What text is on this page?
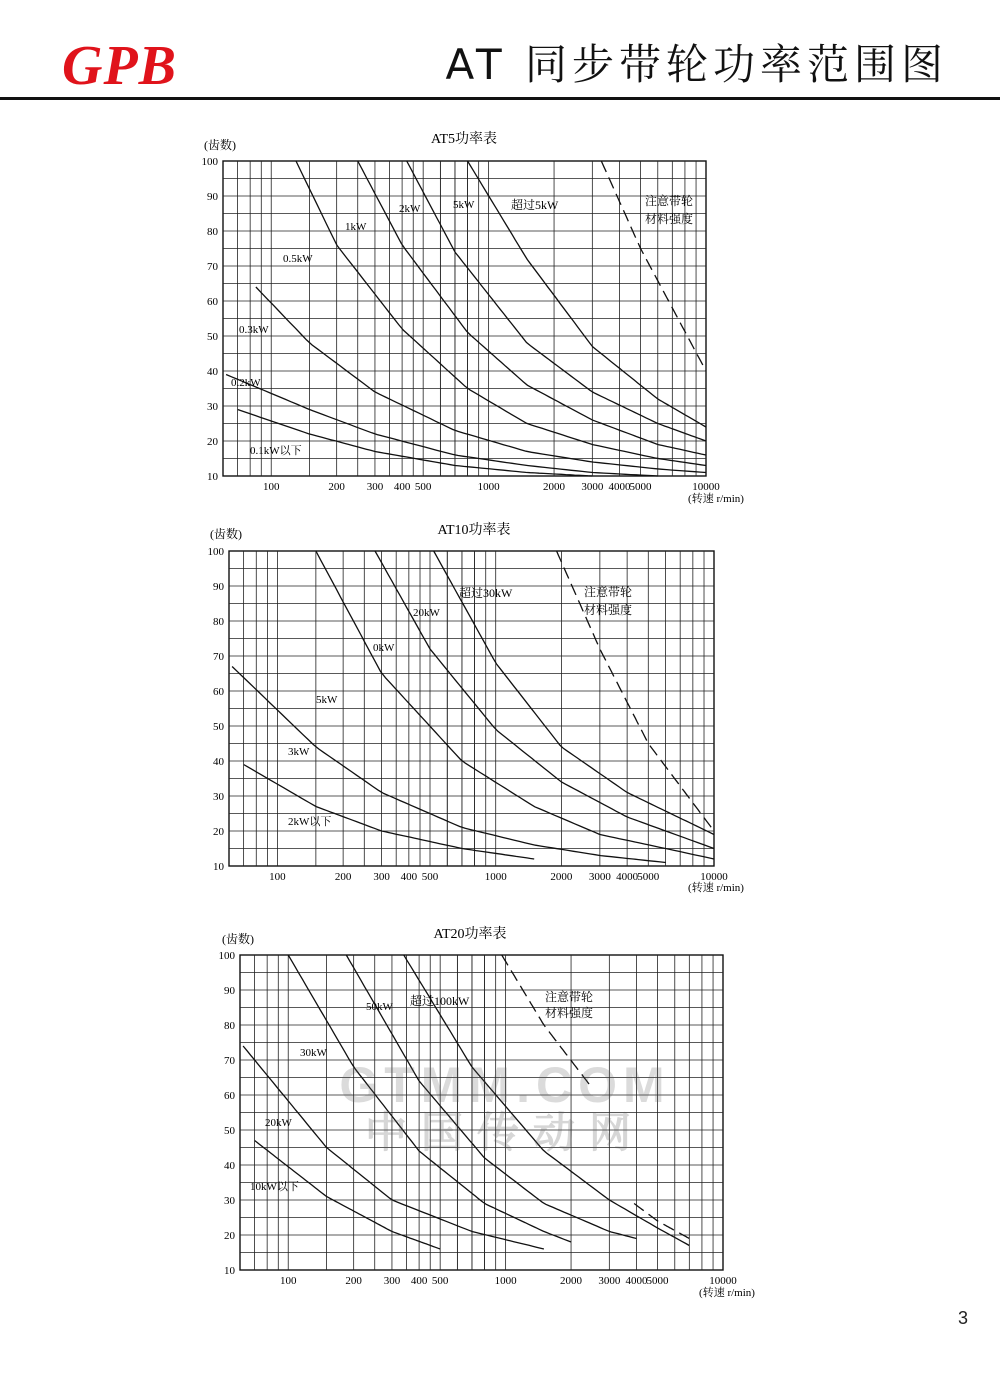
GPB	AT 同步带轮功率范围图
AT5功率表
(齿数)
(转速 r/min)
10
20
30
40
50
60
70
80
90
100
100	200 300 400 500	1000	2000 3000 4000 5000	10000
0.1kW以下
0.2kW
0.3kW
0.5kW
1kW
2kW	5kW	超过5kW	注意带轮
材料强度
AT10功率表
(齿数)
(转速 r/min)
10
20
30
40
50
60
70
80
90
100
100	200 300 400 500	1000	2000 3000 4000 5000	10000
2kW以下
3kW
5kW
0kW
20kW
超过30kW	注意带轮
材料强度
AT20功率表
(齿数)
(转速 r/min)
10
20
30
40
50
60
70
80
90
100
100	200 300 400 500	1000	2000 3000 4000 5000	10000
10kW以下
20kW
30kW
50kW 超过100kW	注意带轮
材料强度
GTMM.COM
中国传动网
3
